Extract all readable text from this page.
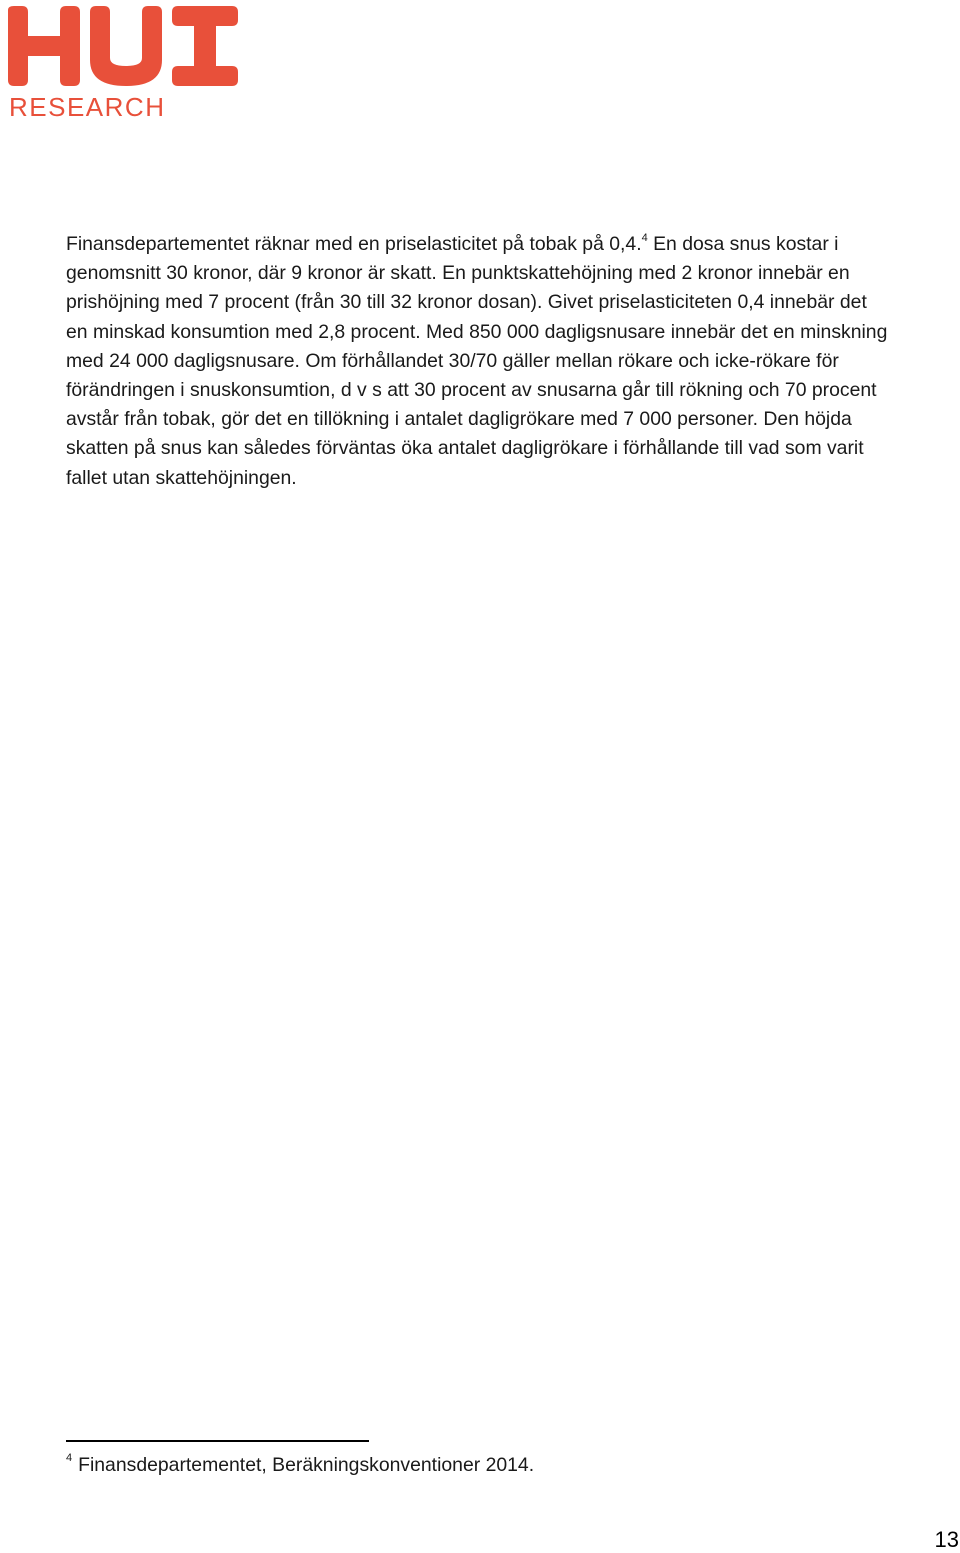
RESEARCH

Finansdepartementet räknar med en priselasticitet på tobak på 0,4.$^4$ En dosa snus kostar i

genomsnitt 30 kronor, där 9 kronor är skatt. En punktskattehöjning med 2 kronor innebär en

prishöjning med 7 procent (från 30 till 32 kronor dosan). Givet priselasticiteten 0,4 innebär det

en minskad konsumtion med 2,8 procent. Med 850 000 dagligsnusare innebär det en minskning

med 24 000 dagligsnusare. Om förhållandet 30/70 gäller mellan rökare och icke-rökare för

förändringen i snuskonsumtion, d v s att 30 procent av snusarna går till rökning och 70 procent

avstår från tobak, gör det en tillökning i antalet dagligrökare med 7 000 personer. Den höjda

skatten på snus kan således förväntas öka antalet dagligrökare i förhållande till vad som varit

fallet utan skattehöjningen.

$^4$ Finansdepartementet, Beräkningskonventioner 2014.
13
